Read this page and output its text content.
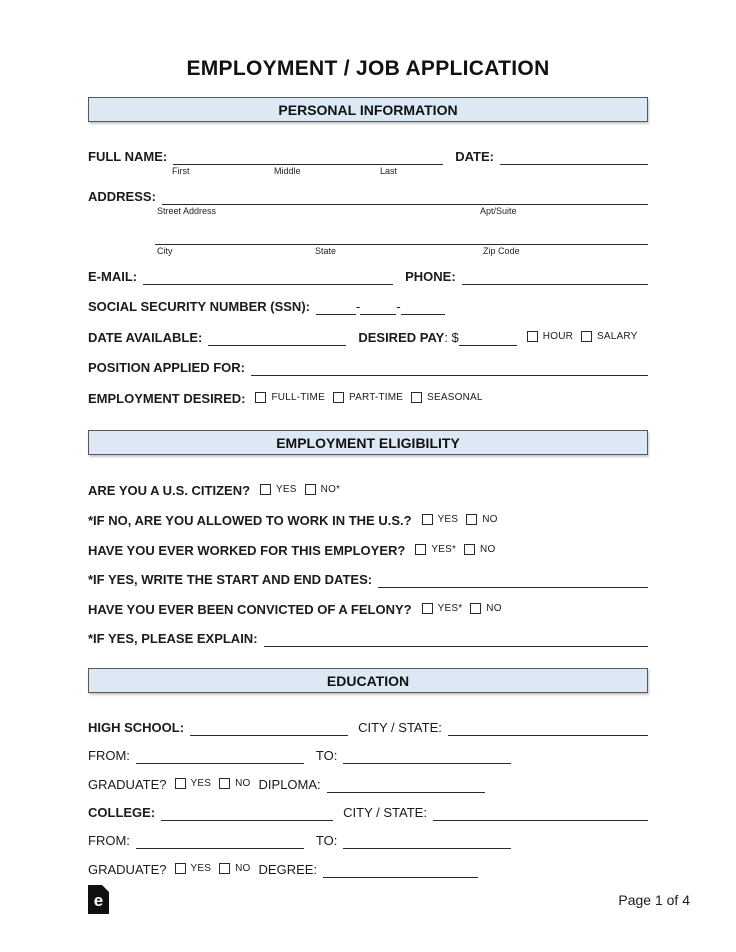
EMPLOYMENT / JOB APPLICATION
PERSONAL INFORMATION
FULL NAME:	DATE:
First	Middle	Last
ADDRESS:
Street Address	Apt/Suite
City	State	Zip Code
E-MAIL:	PHONE:
SOCIAL SECURITY NUMBER (SSN):	-	-
DATE AVAILABLE:	DESIRED PAY : $	HOUR SALARY
POSITION APPLIED FOR:
EMPLOYMENT DESIRED:	FULL-TIME PART-TIME SEASONAL
EMPLOYMENT ELIGIBILITY
ARE YOU A U.S. CITIZEN?	YES NO*
*IF NO, ARE YOU ALLOWED TO WORK IN THE U.S.?	YES NO
HAVE YOU EVER WORKED FOR THIS EMPLOYER?	YES* NO
*IF YES, WRITE THE START AND END DATES:
HAVE YOU EVER BEEN CONVICTED OF A FELONY?	YES* NO
*IF YES, PLEASE EXPLAIN:
EDUCATION
HIGH SCHOOL:	CITY / STATE:
FROM:	TO:
GRADUATE? YES NO DIPLOMA:
COLLEGE:	CITY / STATE:
FROM:	TO:
GRADUATE? YES NO DEGREE:
e	Page 1 of 4
